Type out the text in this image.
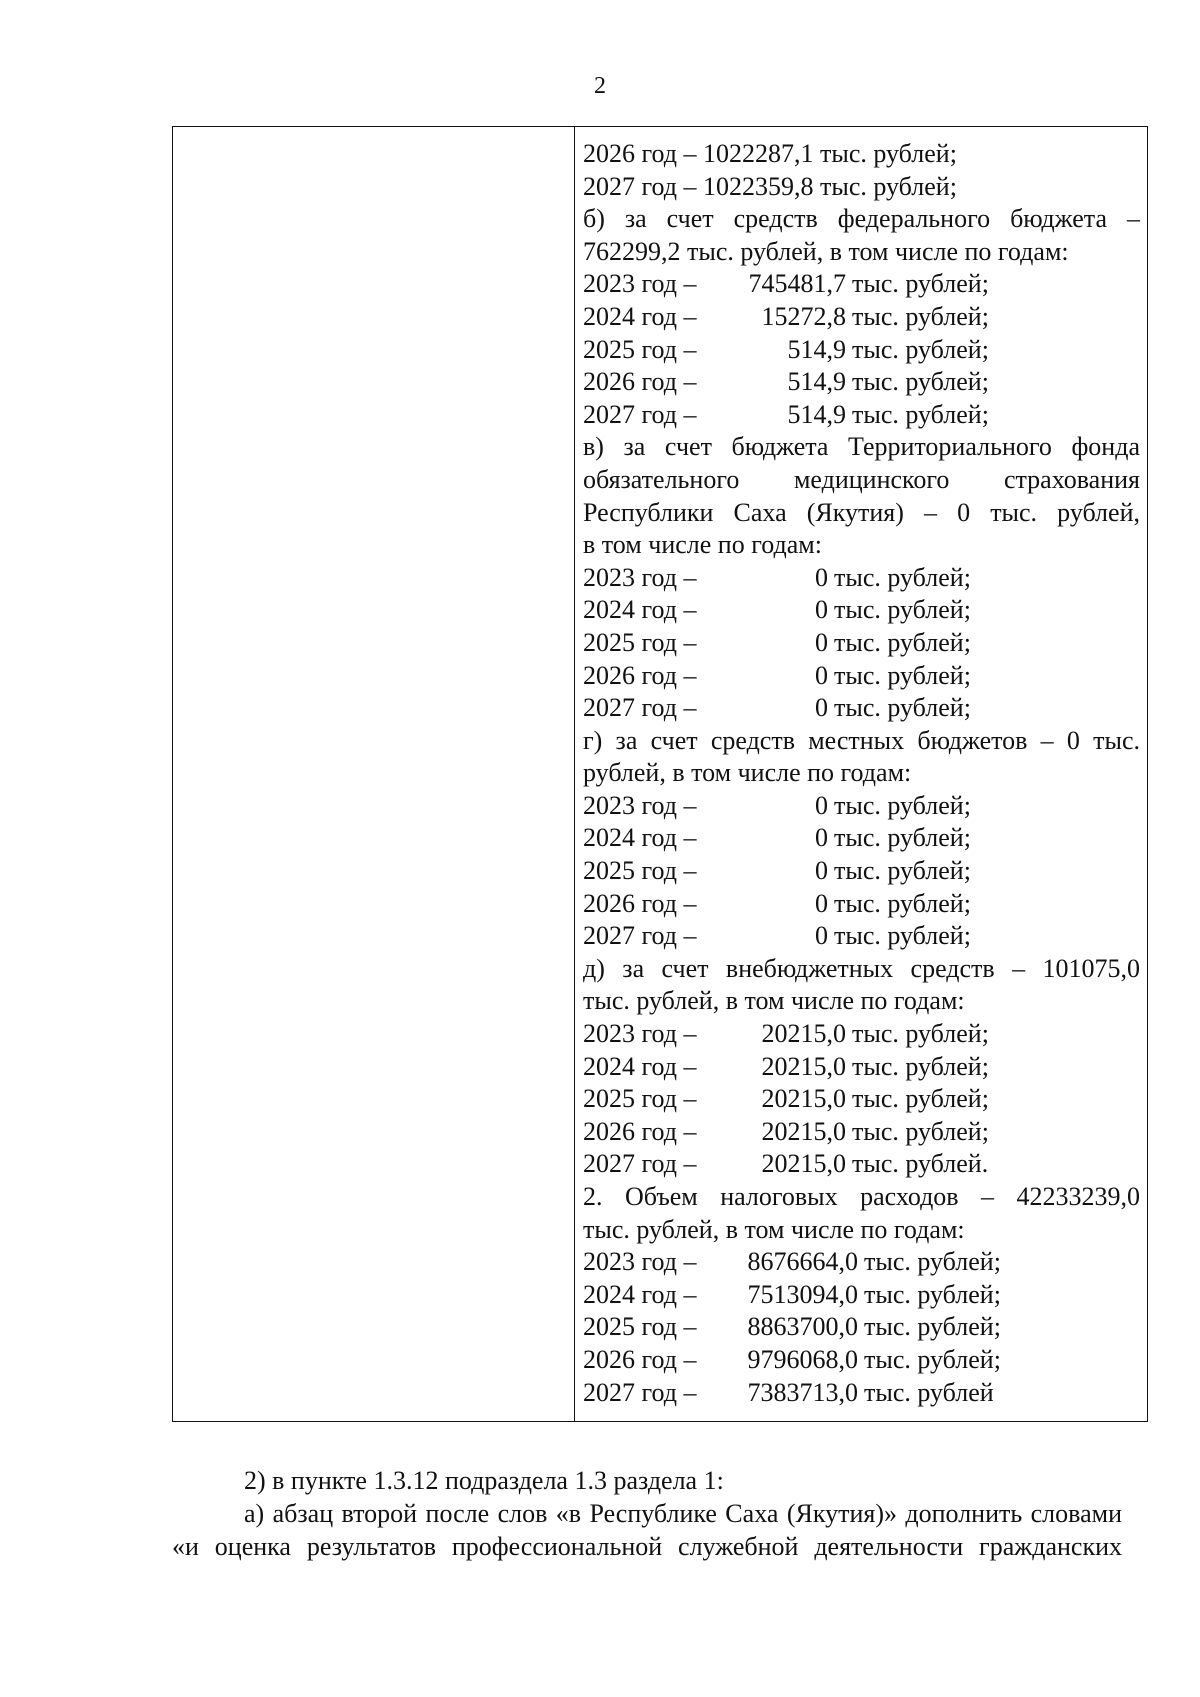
2
2026 год – 1022287,1 тыс. рублей;
2027 год – 1022359,8 тыс. рублей;
б) за счет средств федерального бюджета –
762299,2 тыс. рублей, в том числе по годам:
2023 год – 745481,7 тыс. рублей;
2024 год –	15272,8 тыс. рублей;
2025 год –	514,9 тыс. рублей;
2026 год –	514,9 тыс. рублей;
2027 год –	514,9 тыс. рублей;
в) за счет бюджета Территориального фонда
обязательного медицинского страхования
Республики Саха (Якутия) – 0 тыс. рублей,
в том числе по годам:
2023 год –	0 тыс. рублей;
2024 год –	0 тыс. рублей;
2025 год –	0 тыс. рублей;
2026 год –	0 тыс. рублей;
2027 год –	0 тыс. рублей;
г) за счет средств местных бюджетов – 0 тыс.
рублей, в том числе по годам:
2023 год –	0 тыс. рублей;
2024 год –	0 тыс. рублей;
2025 год –	0 тыс. рублей;
2026 год –	0 тыс. рублей;
2027 год –	0 тыс. рублей;
д) за счет внебюджетных средств – 101075,0
тыс. рублей, в том числе по годам:
2023 год –	20215,0 тыс. рублей;
2024 год –	20215,0 тыс. рублей;
2025 год –	20215,0 тыс. рублей;
2026 год –	20215,0 тыс. рублей;
2027 год –	20215,0 тыс. рублей.
2. Объем налоговых расходов – 42233239,0
тыс. рублей, в том числе по годам:
2023 год – 8676664,0 тыс. рублей;
2024 год – 7513094,0 тыс. рублей;
2025 год – 8863700,0 тыс. рублей;
2026 год – 9796068,0 тыс. рублей;
2027 год – 7383713,0 тыс. рублей
2) в пункте 1.3.12 подраздела 1.3 раздела 1:
а) абзац второй после слов «в Республике Саха (Якутия)» дополнить словами
«и оценка результатов профессиональной служебной деятельности гражданских
